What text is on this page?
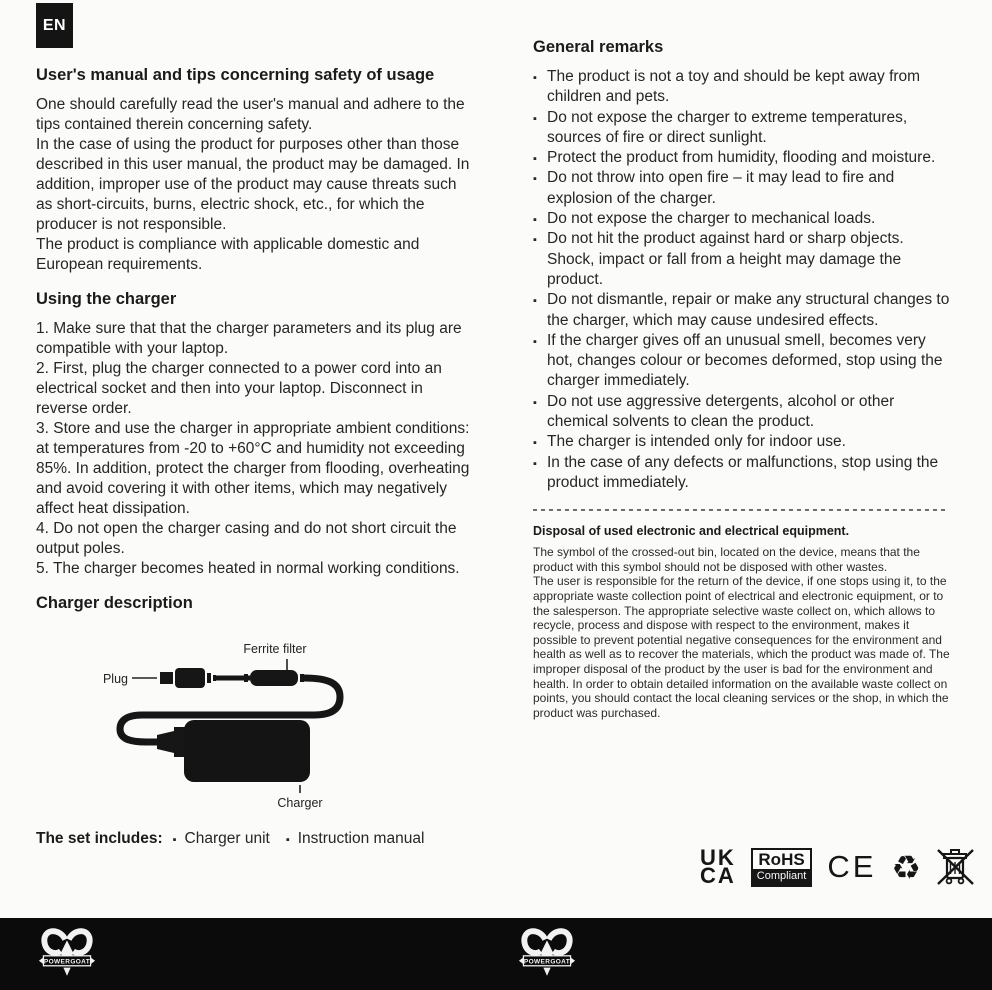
EN
User's manual and tips concerning safety of usage
One should carefully read the user's manual and adhere to the tips contained therein concerning safety.
In the case of using the product for purposes other than those described in this user manual, the product may be damaged. In addition, improper use of the product may cause threats such as short-circuits, burns, electric shock, etc., for which the producer is not responsible.
The product is compliance with applicable domestic and European requirements.
Using the charger
1. Make sure that that the charger parameters and its plug are compatible with your laptop.
2. First, plug the charger connected to a power cord into an electrical socket and then into your laptop. Disconnect in reverse order.
3. Store and use the charger in appropriate ambient conditions: at temperatures from -20 to +60°C and humidity not exceeding 85%. In addition, protect the charger from flooding, overheating and avoid covering it with other items, which may negatively affect heat dissipation.
4. Do not open the charger casing and do not short circuit the output poles.
5. The charger becomes heated in normal working conditions.
Charger description
Ferrite filter
Plug
Charger
The set includes:	▪ Charger unit	▪ Instruction manual
General remarks
▪ The product is not a toy and should be kept away from children and pets.
▪ Do not expose the charger to extreme temperatures, sources of fire or direct sunlight.
▪ Protect the product from humidity, flooding and moisture.
▪ Do not throw into open fire – it may lead to fire and explosion of the charger.
▪ Do not expose the charger to mechanical loads.
▪ Do not hit the product against hard or sharp objects. Shock, impact or fall from a height may damage the product.
▪ Do not dismantle, repair or make any structural changes to the charger, which may cause undesired effects.
▪ If the charger gives off an unusual smell, becomes very hot, changes colour or becomes deformed, stop using the charger immediately.
▪ Do not use aggressive detergents, alcohol or other chemical solvents to clean the product.
▪ The charger is intended only for indoor use.
▪ In the case of any defects or malfunctions, stop using the product immediately.
Disposal of used electronic and electrical equipment.
The symbol of the crossed-out bin, located on the device, means that the product with this symbol should not be disposed with other wastes.
The user is responsible for the return of the device, if one stops using it, to the appropriate waste collection point of electrical and electronic equipment, or to the salesperson. The appropriate selective waste collect on, which allows to recycle, process and dispose with respect to the environment, makes it possible to prevent potential negative consequences for the environment and health as well as to recover the materials, which the product was made of. The improper disposal of the product by the user is bad for the environment and health. In order to obtain detailed information on the available waste collect on points, you should contact the local cleaning services or the shop, in which the product was purchased.
UK
CA
RoHS
Compliant CE ♻
POWERGOAT	POWERGOAT
